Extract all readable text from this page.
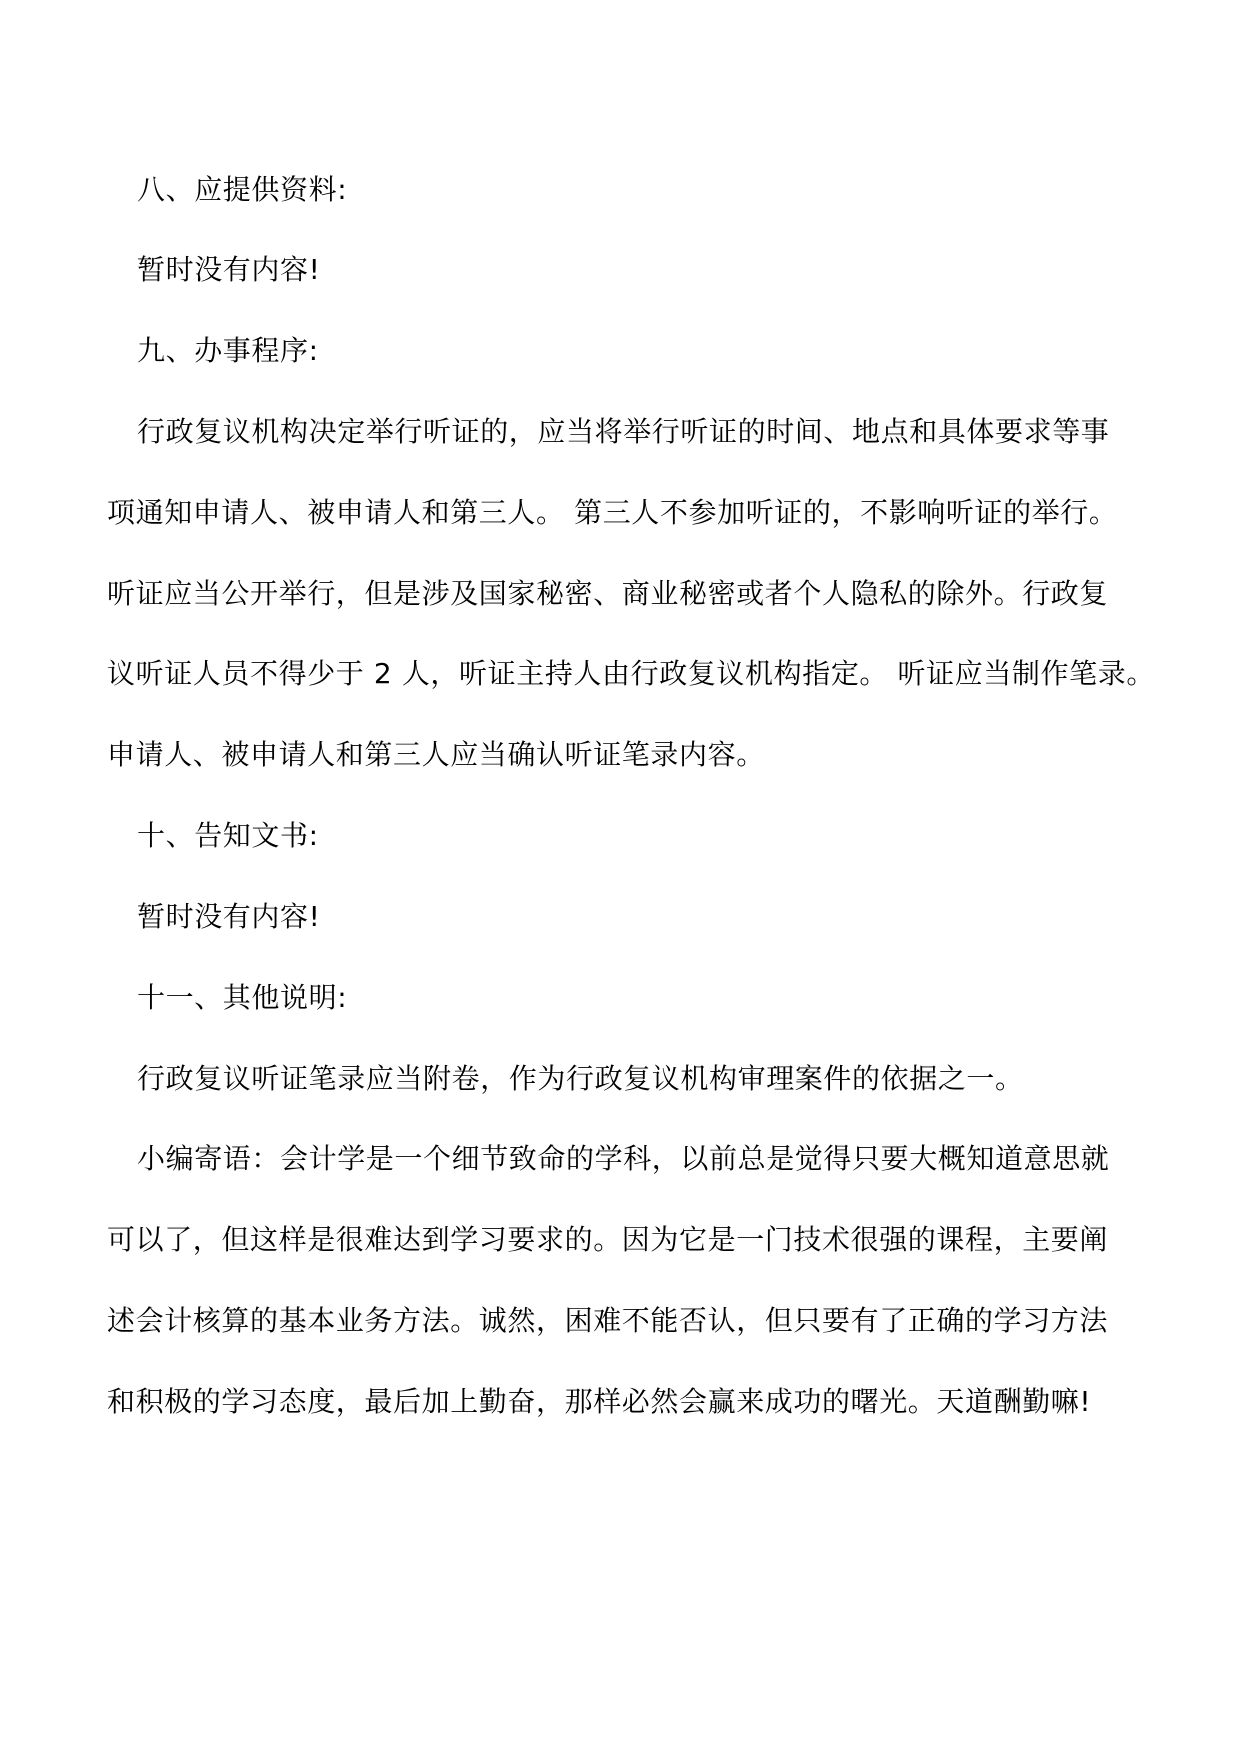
八、应提供资料:

暂时没有内容!

九、办事程序:

行政复议机构决定举行听证的，应当将举行听证的时间、地点和具体要求等事

项通知申请人、被申请人和第三人。 第三人不参加听证的，不影响听证的举行。

听证应当公开举行，但是涉及国家秘密、商业秘密或者个人隐私的除外。行政复

议听证人员不得少于 2 人，听证主持人由行政复议机构指定。 听证应当制作笔录。

申请人、被申请人和第三人应当确认听证笔录内容。

十、告知文书:

暂时没有内容!

十一、其他说明:

行政复议听证笔录应当附卷，作为行政复议机构审理案件的依据之一。

小编寄语：会计学是一个细节致命的学科，以前总是觉得只要大概知道意思就

可以了，但这样是很难达到学习要求的。因为它是一门技术很强的课程，主要阐

述会计核算的基本业务方法。诚然，困难不能否认，但只要有了正确的学习方法

和积极的学习态度，最后加上勤奋，那样必然会赢来成功的曙光。天道酬勤嘛!
